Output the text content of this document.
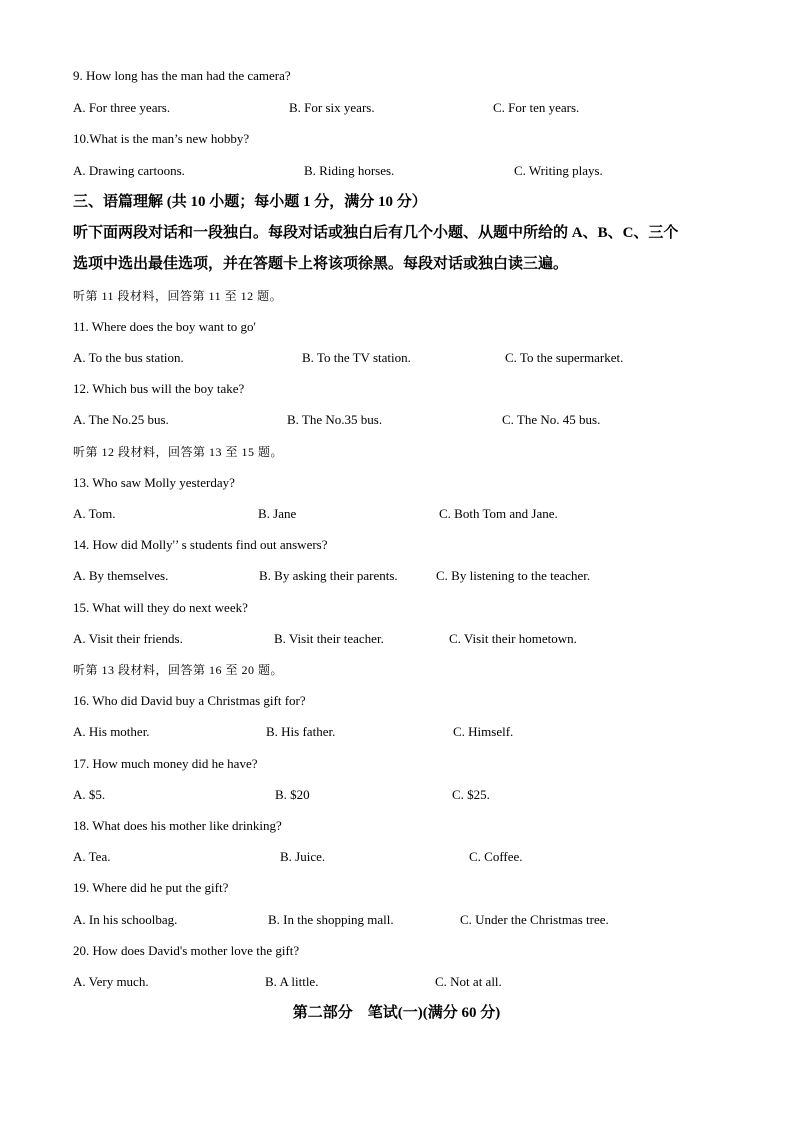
9. How long has the man had the camera?
A. For three years.	B. For six years.	C. For ten years.
10.What is the man’s new hobby?
A. Drawing cartoons.	B. Riding horses.	C. Writing plays.
三、语篇理解 (共 10 小题；每小题 1 分，满分 10 分）
听下面两段对话和一段独白。每段对话或独白后有几个小题、从题中所给的 A、B、C、三个
选项中选出最佳选项，并在答题卡上将该项徐黑。每段对话或独白读三遍。
听第 11 段材料，回答第 11 至 12 题。
11. Where does the boy want to go'
A. To the bus station.	B. To the TV station.	C. To the supermarket.
12. Which bus will the boy take?
A. The No.25 bus.	B. The No.35 bus.	C. The No. 45 bus.
听第 12 段材料，回答第 13 至 15 题。
13. Who saw Molly yesterday?
A. Tom.	B. Jane	C. Both Tom and Jane.
14. How did Molly'’ s students find out answers?
A. By themselves.	B. By asking their parents.	C. By listening to the teacher.
15. What will they do next week?
A. Visit their friends.	B. Visit their teacher.	C. Visit their hometown.
听第 13 段材料，回答第 16 至 20 题。
16. Who did David buy a Christmas gift for?
A. His mother.	B. His father.	C. Himself.
17. How much money did he have?
A. $5.	B. $20	C. $25.
18. What does his mother like drinking?
A. Tea.	B. Juice.	C. Coffee.
19. Where did he put the gift?
A. In his schoolbag.	B. In the shopping mall.	C. Under the Christmas tree.
20. How does David's mother love the gift?
A. Very much.	B. A little.	C. Not at all.
第二部分    笔试(一)(满分 60 分)
